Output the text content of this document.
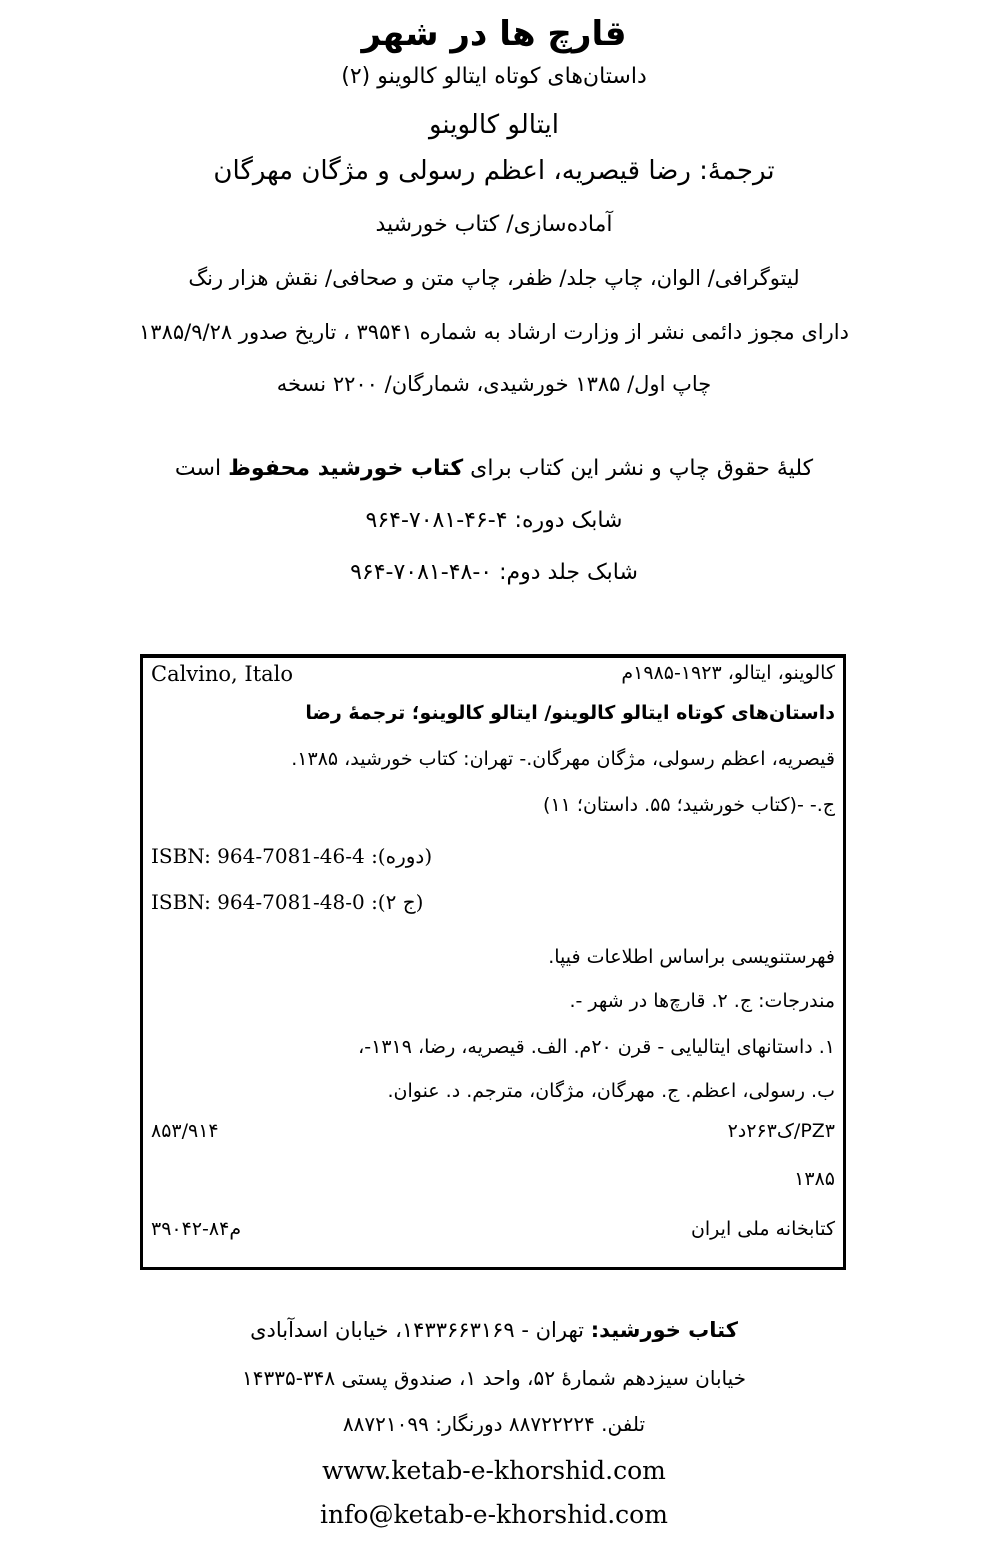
قارچ ها در شهر
داستان‌های کوتاه ایتالو کالوینو (۲)
ایتالو کالوینو
ترجمهٔ: رضا قیصریه، اعظم رسولی و مژگان مهرگان
آماده‌سازی/ کتاب خورشید
لیتوگرافی/ الوان، چاپ جلد/ ظفر، چاپ متن و صحافی/ نقش هزار رنگ
دارای مجوز دائمی نشر از وزارت ارشاد به شماره ۳۹۵۴۱ ، تاریخ صدور ۱۳۸۵/۹/۲۸
چاپ اول/ ۱۳۸۵ خورشیدی، شمارگان/ ۲۲۰۰ نسخه
کلیهٔ حقوق چاپ و نشر این کتاب برای کتاب خورشید محفوظ است
شابک دوره: ۴-۴۶-۷۰۸۱-۹۶۴
شابک جلد دوم: ۰-۴۸-۷۰۸۱-۹۶۴
Calvino, Italo	کالوینو، ایتالو، ۱۹۲۳-۱۹۸۵م
داستان‌های کوتاه ایتالو کالوینو/ ایتالو کالوینو؛ ترجمهٔ رضا
قیصریه، اعظم رسولی، مژگان مهرگان.- تهران: کتاب خورشید، ۱۳۸۵.
ج.- -(کتاب خورشید؛ ۵۵. داستان؛ ۱۱)
ISBN: 964-7081-46-4 :(دوره)
ISBN: 964-7081-48-0 :(ج ۲)
فهرستنویسی براساس اطلاعات فیپا.
مندرجات: ج. ۲. قارچ‌ها در شهر -.
۱. داستانهای ایتالیایی - قرن ۲۰م. الف. قیصریه، رضا، ۱۳۱۹-،
ب. رسولی، اعظم. ج. مهرگان، مژگان، مترجم. د. عنوان.
۸۵۳/۹۱۴	PZ۳/ک۲۶۳د۲
۱۳۸۵
م۸۴-۳۹۰۴۲	کتابخانه ملی ایران
کتاب خورشید: تهران - ۱۴۳۳۶۶۳۱۶۹، خیابان اسدآبادی
خیابان سیزدهم شمارهٔ ۵۲، واحد ۱، صندوق پستی ۳۴۸-۱۴۳۳۵
تلفن. ۸۸۷۲۲۲۲۴ دورنگار: ۸۸۷۲۱۰۹۹
www.ketab-e-khorshid.com
info@ketab-e-khorshid.com
